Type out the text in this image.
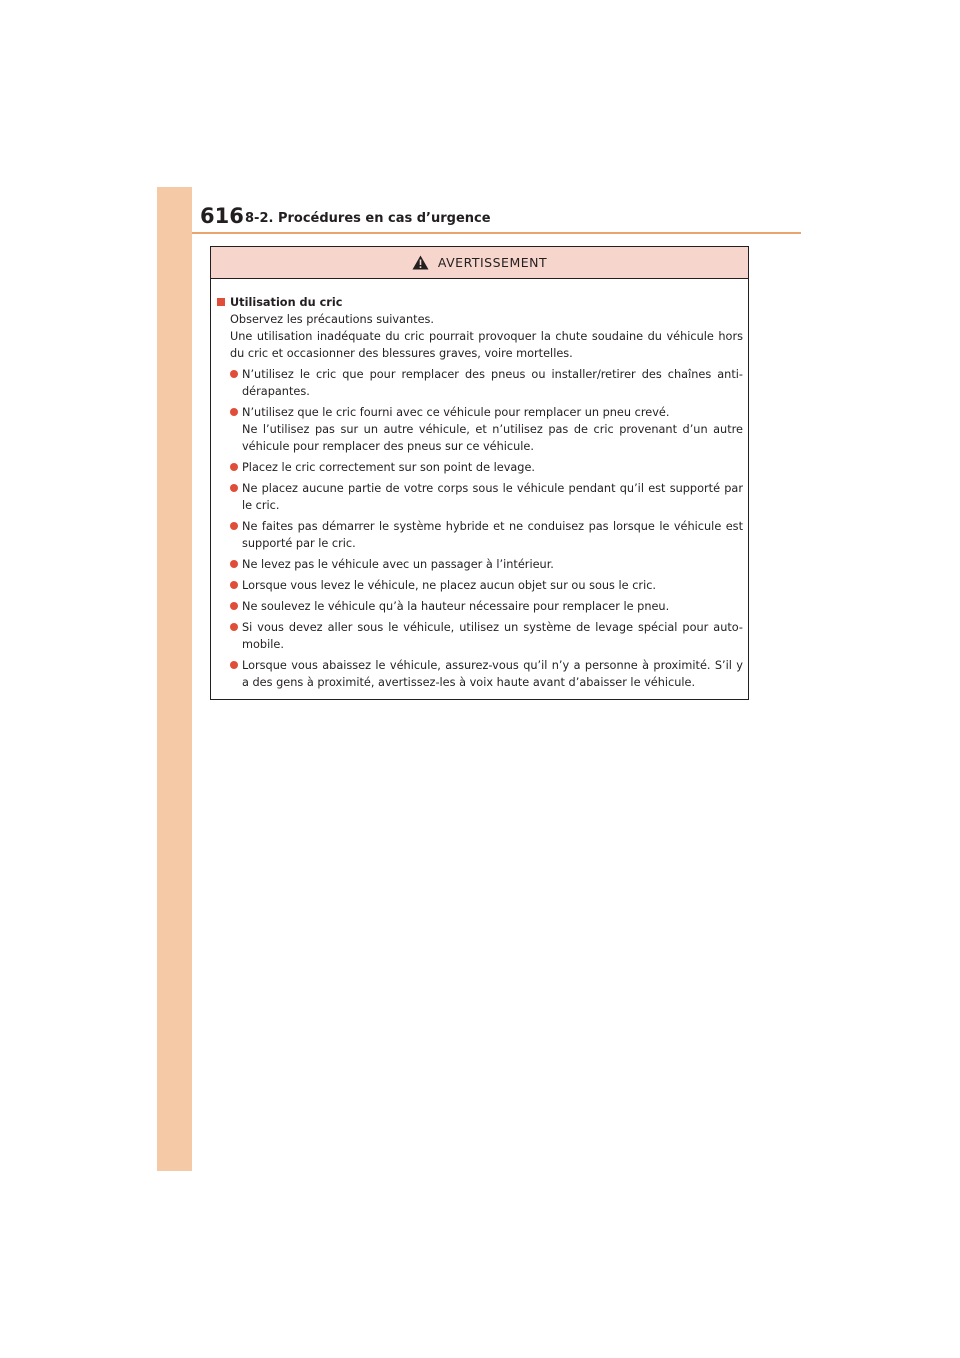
616 8-2. Procédures en cas d’urgence
AVERTISSEMENT
Utilisation du cric
Observez les précautions suivantes.
Une utilisation inadéquate du cric pourrait provoquer la chute soudaine du véhicule hors du cric et occasionner des blessures graves, voire mortelles.
N’utilisez le cric que pour remplacer des pneus ou installer/retirer des chaînes anti-dérapantes.
N’utilisez que le cric fourni avec ce véhicule pour remplacer un pneu crevé.
Ne l’utilisez pas sur un autre véhicule, et n’utilisez pas de cric provenant d’un autre véhicule pour remplacer des pneus sur ce véhicule.
Placez le cric correctement sur son point de levage.
Ne placez aucune partie de votre corps sous le véhicule pendant qu’il est supporté par le cric.
Ne faites pas démarrer le système hybride et ne conduisez pas lorsque le véhicule est supporté par le cric.
Ne levez pas le véhicule avec un passager à l’intérieur.
Lorsque vous levez le véhicule, ne placez aucun objet sur ou sous le cric.
Ne soulevez le véhicule qu’à la hauteur nécessaire pour remplacer le pneu.
Si vous devez aller sous le véhicule, utilisez un système de levage spécial pour auto-mobile.
Lorsque vous abaissez le véhicule, assurez-vous qu’il n’y a personne à proximité. S’il y a des gens à proximité, avertissez-les à voix haute avant d’abaisser le véhicule.
